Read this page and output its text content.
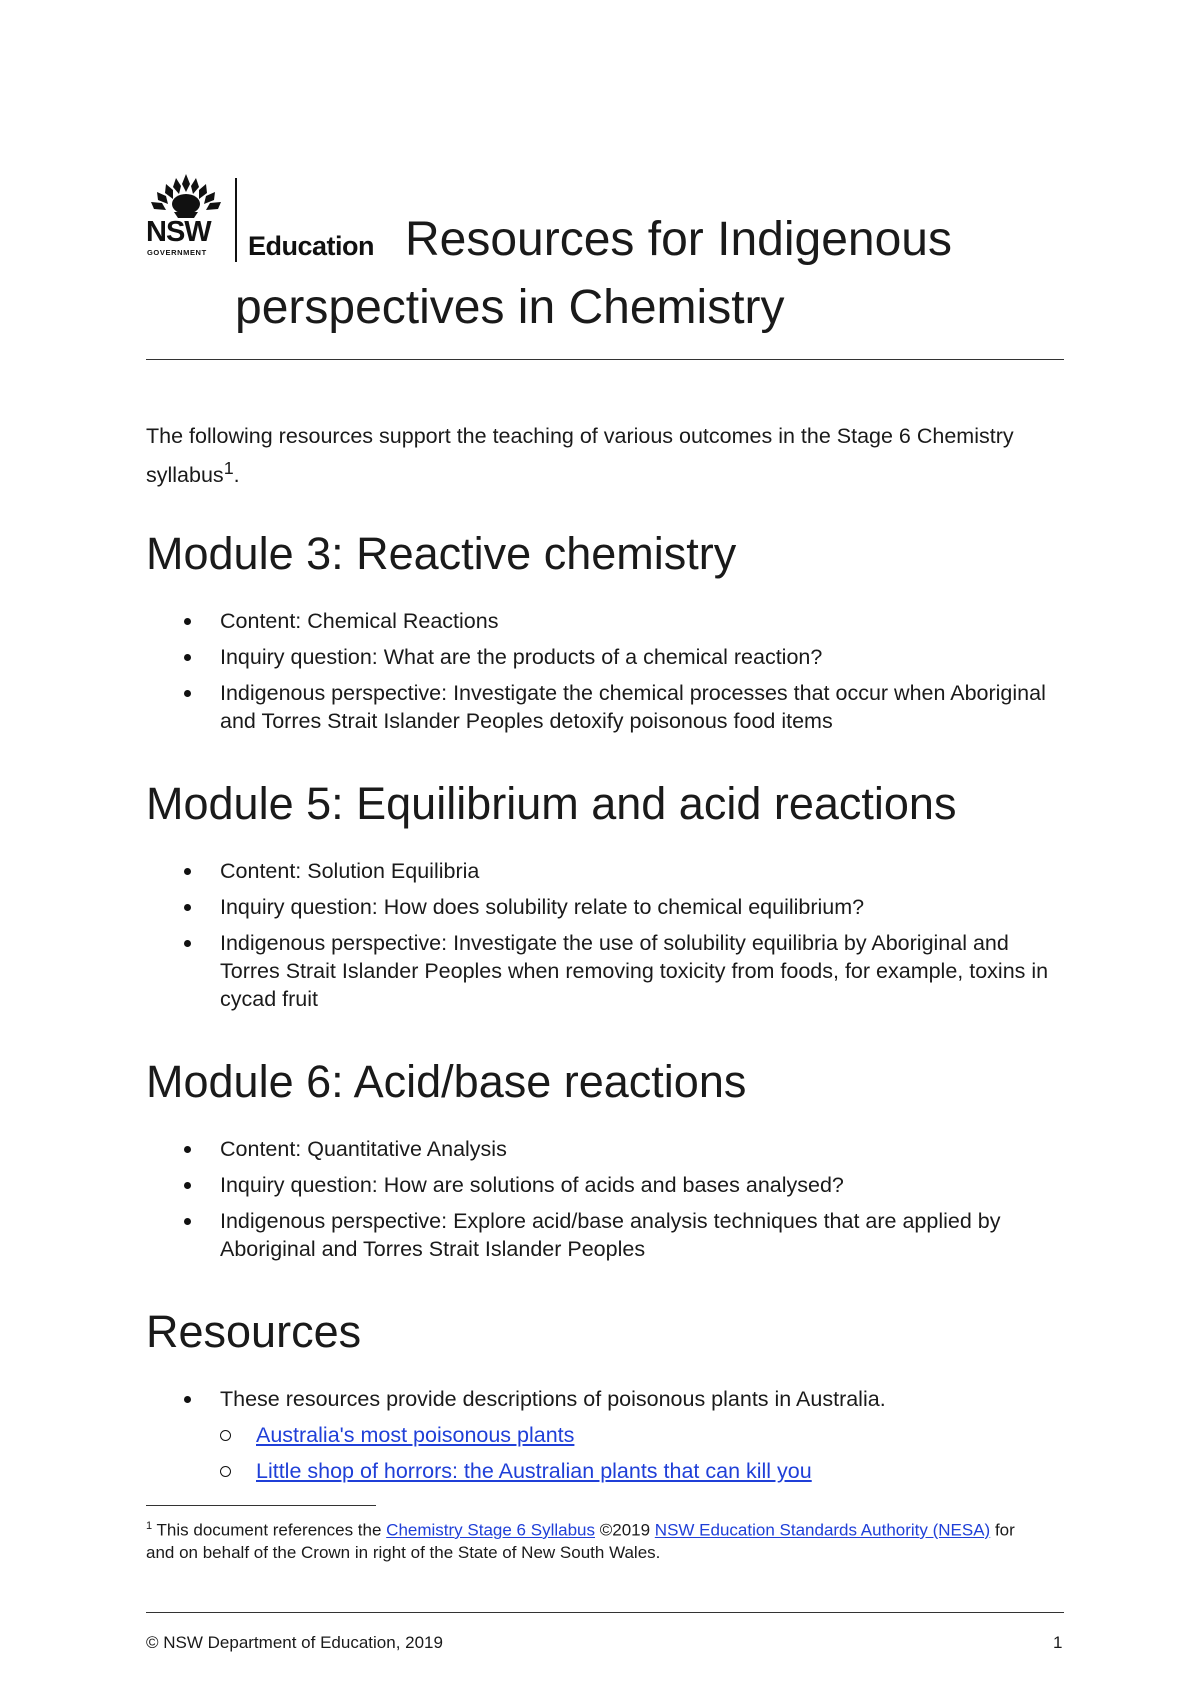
NSW
GOVERNMENT Education Resources for Indigenous perspectives in Chemistry

The following resources support the teaching of various outcomes in the Stage 6 Chemistry syllabus$^1$.

Module 3: Reactive chemistry
Content: Chemical Reactions
Inquiry question: What are the products of a chemical reaction?
Indigenous perspective: Investigate the chemical processes that occur when Aboriginal and Torres Strait Islander Peoples detoxify poisonous food items
Module 5: Equilibrium and acid reactions
Content: Solution Equilibria
Inquiry question: How does solubility relate to chemical equilibrium?
Indigenous perspective: Investigate the use of solubility equilibria by Aboriginal and Torres Strait Islander Peoples when removing toxicity from foods, for example, toxins in cycad fruit
Module 6: Acid/base reactions
Content: Quantitative Analysis
Inquiry question: How are solutions of acids and bases analysed?
Indigenous perspective: Explore acid/base analysis techniques that are applied by Aboriginal and Torres Strait Islander Peoples
Resources
These resources provide descriptions of poisonous plants in Australia.
Australia's most poisonous plants
Little shop of horrors: the Australian plants that can kill you

$^1$ This document references the Chemistry Stage 6 Syllabus ©2019 NSW Education Standards Authority (NESA) for and on behalf of the Crown in right of the State of New South Wales.

© NSW Department of Education, 2019	1
